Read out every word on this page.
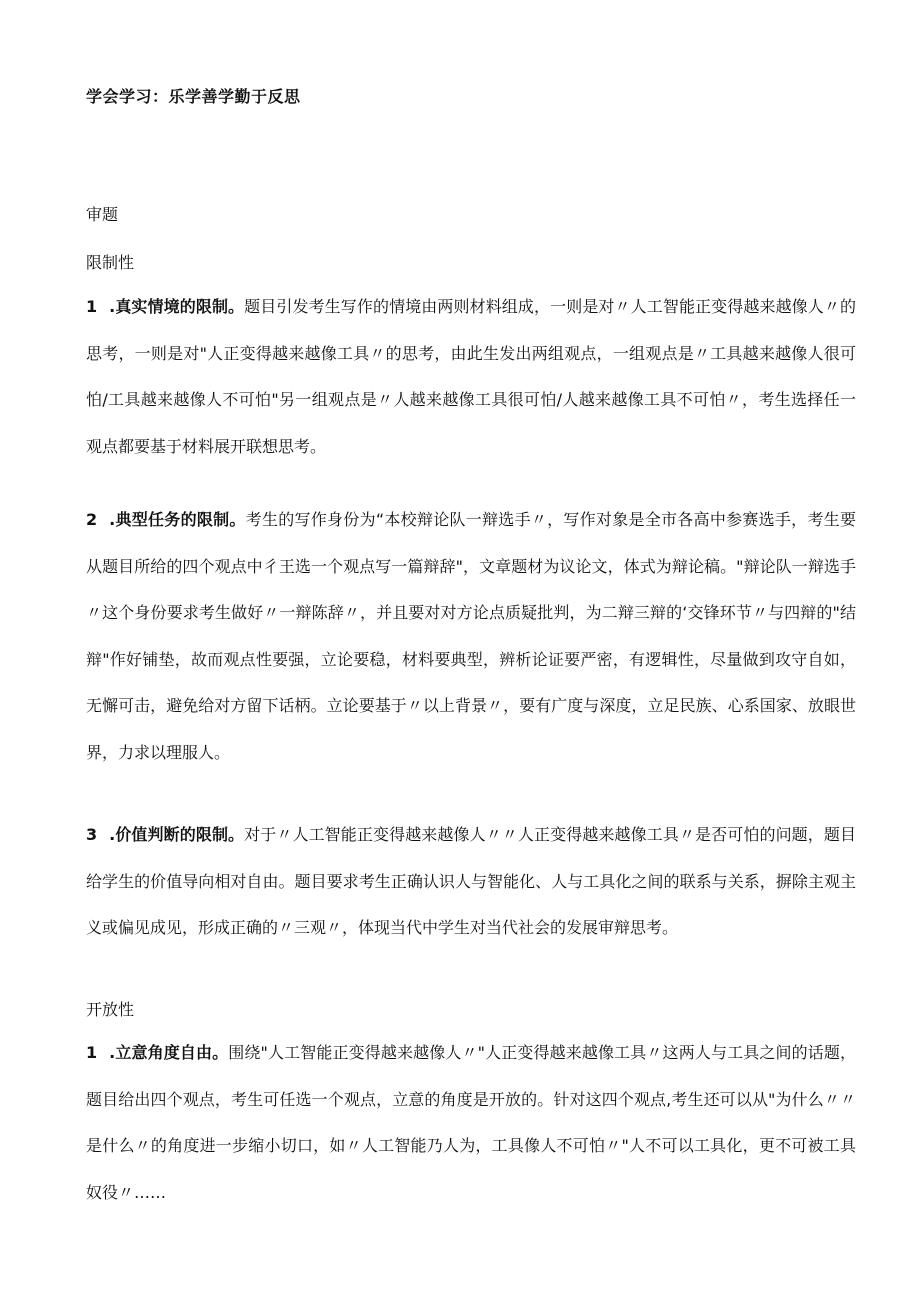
学会学习：乐学善学勤于反思
审题
限制性
1 .真实情境的限制。题目引发考生写作的情境由两则材料组成，一则是对〃人工智能正变得越来越像人〃的思考，一则是对"人正变得越来越像工具〃的思考，由此生发出两组观点，一组观点是〃工具越来越像人很可怕/工具越来越像人不可怕"另一组观点是〃人越来越像工具很可怕/人越来越像工具不可怕〃，考生选择任一观点都要基于材料展开联想思考。
2 .典型任务的限制。考生的写作身份为“本校辩论队一辩选手〃，写作对象是全市各高中参赛选手，考生要从题目所给的四个观点中彳王选一个观点写一篇辩辞"，文章题材为议论文，体式为辩论稿。"辩论队一辩选手〃这个身份要求考生做好〃一辩陈辞〃，并且要对对方论点质疑批判，为二辩三辩的‘交锋环节〃与四辩的"结辩"作好铺垫，故而观点性要强，立论要稳，材料要典型，辨析论证要严密，有逻辑性，尽量做到攻守自如，无懈可击，避免给对方留下话柄。立论要基于〃以上背景〃，要有广度与深度，立足民族、心系国家、放眼世界，力求以理服人。
3 .价值判断的限制。对于〃人工智能正变得越来越像人〃〃人正变得越来越像工具〃是否可怕的问题，题目给学生的价值导向相对自由。题目要求考生正确认识人与智能化、人与工具化之间的联系与关系，摒除主观主义或偏见成见，形成正确的〃三观〃，体现当代中学生对当代社会的发展审辩思考。
开放性
1 .立意角度自由。围绕"人工智能正变得越来越像人〃"人正变得越来越像工具〃这两人与工具之间的话题，题目给出四个观点，考生可任选一个观点，立意的角度是开放的。针对这四个观点,考生还可以从"为什么〃〃是什么〃的角度进一步缩小切口，如〃人工智能乃人为，工具像人不可怕〃"人不可以工具化，更不可被工具奴役〃……
